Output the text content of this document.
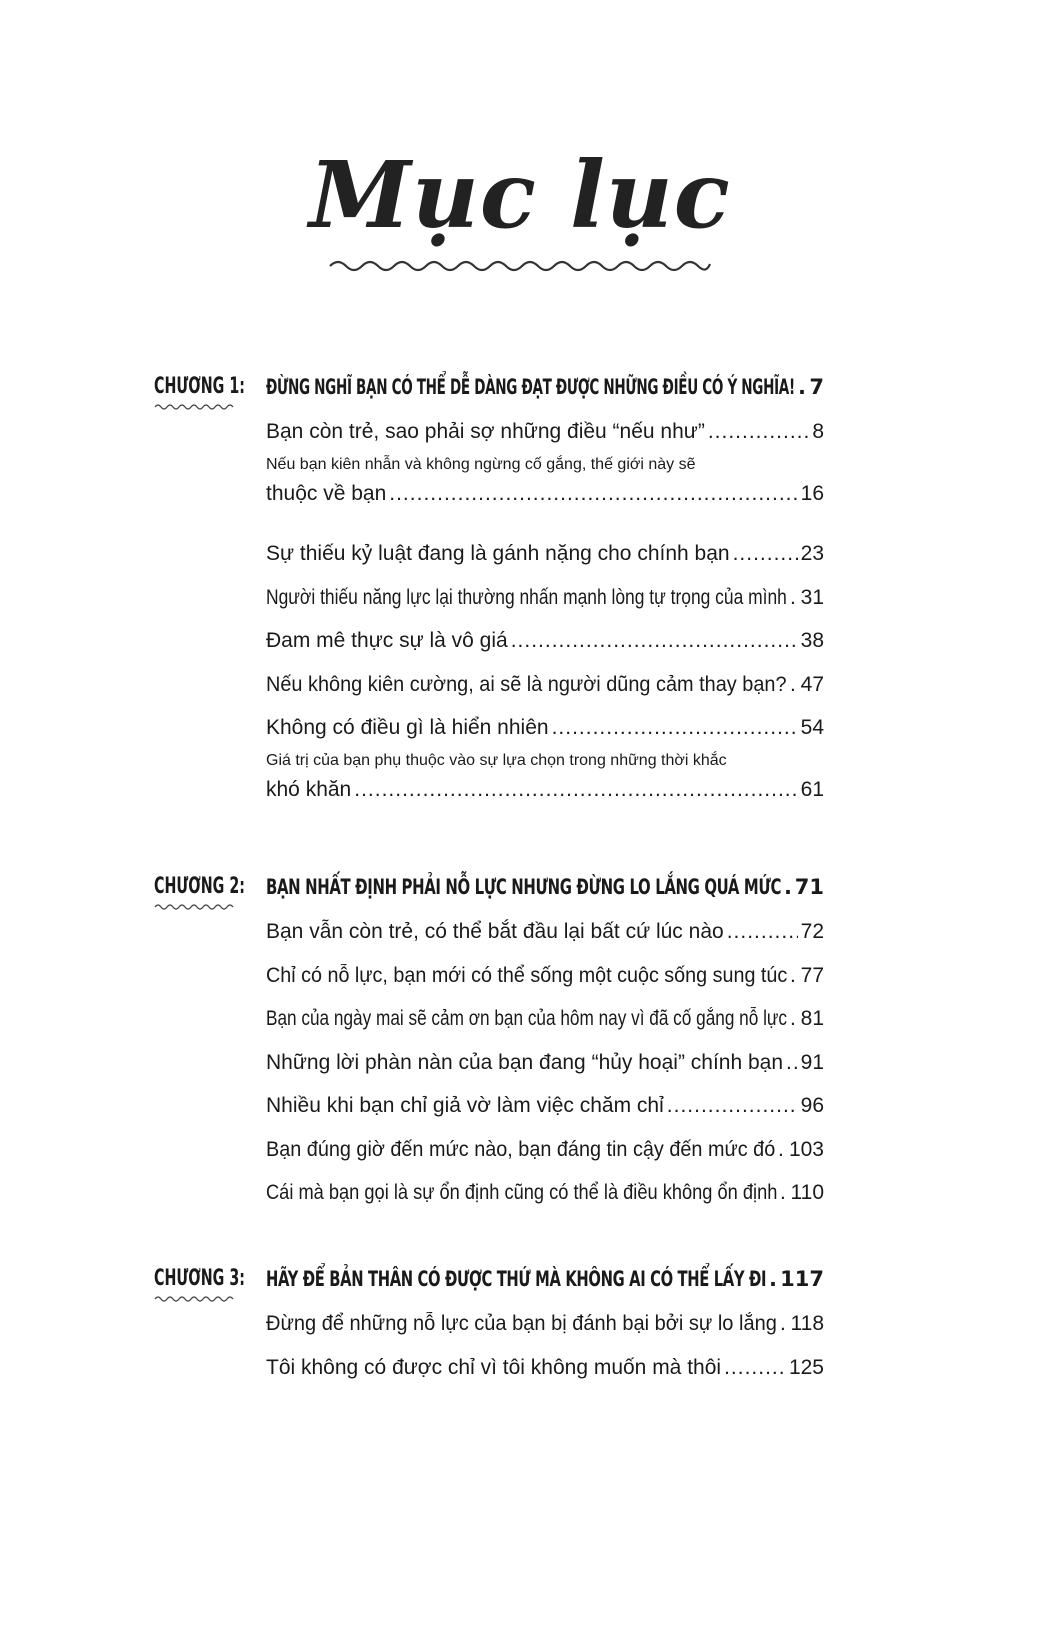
Mục lục
CHƯƠNG 1:	ĐỪNG NGHĨ BẠN CÓ THỂ DỄ DÀNG ĐẠT ĐƯỢC NHỮNG ĐIỀU CÓ Ý NGHĨA! ..... 7
Bạn còn trẻ, sao phải sợ những điều “nếu như” .....	8
Nếu bạn kiên nhẫn và không ngừng cố gắng, thế giới này sẽ
thuộc về bạn .....	16
Sự thiếu kỷ luật đang là gánh nặng cho chính bạn .....	23
Người thiếu năng lực lại thường nhấn mạnh lòng tự trọng của mình ..... 31
Đam mê thực sự là vô giá .....	38
Nếu không kiên cường, ai sẽ là người dũng cảm thay bạn? ..... 47
Không có điều gì là hiển nhiên .....	54
Giá trị của bạn phụ thuộc vào sự lựa chọn trong những thời khắc
khó khăn .....	61
CHƯƠNG 2:	BẠN NHẤT ĐỊNH PHẢI NỖ LỰC NHƯNG ĐỪNG LO LẮNG QUÁ MỨC ..... 71
Bạn vẫn còn trẻ, có thể bắt đầu lại bất cứ lúc nào .....	72
Chỉ có nỗ lực, bạn mới có thể sống một cuộc sống sung túc ..... 77
Bạn của ngày mai sẽ cảm ơn bạn của hôm nay vì đã cố gắng nỗ lực ..... 81
Những lời phàn nàn của bạn đang “hủy hoại” chính bạn ..... 91
Nhiều khi bạn chỉ giả vờ làm việc chăm chỉ .....	96
Bạn đúng giờ đến mức nào, bạn đáng tin cậy đến mức đó ..... 103
Cái mà bạn gọi là sự ổn định cũng có thể là điều không ổn định ..... 110
CHƯƠNG 3:	HÃY ĐỂ BẢN THÂN CÓ ĐƯỢC THỨ MÀ KHÔNG AI CÓ THỂ LẤY ĐI ..... 117
Đừng để những nỗ lực của bạn bị đánh bại bởi sự lo lắng ..... 118
Tôi không có được chỉ vì tôi không muốn mà thôi .....	125
